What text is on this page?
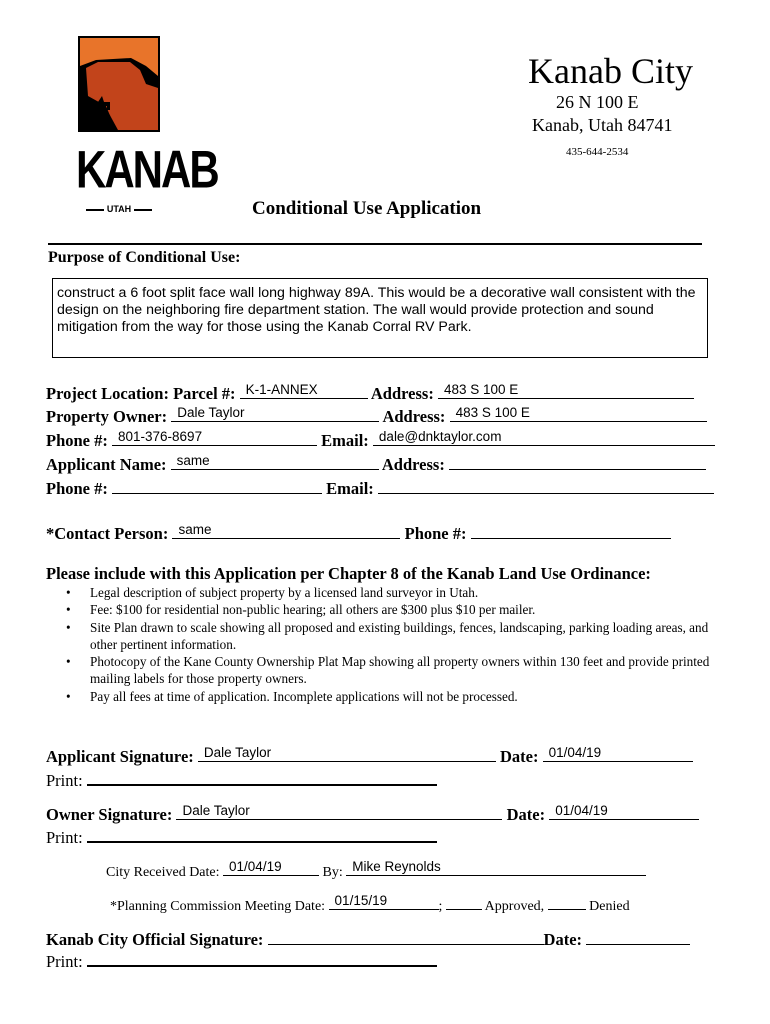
KANAB
UTAH
Kanab City
26 N 100 E
Kanab, Utah 84741
435-644-2534
Conditional Use Application
Purpose of Conditional Use:
construct a 6 foot split face wall long highway 89A. This would be a decorative wall consistent with the design on the neighboring fire department station. The wall would provide protection and sound mitigation from the way for those using the Kanab Corral RV Park.
Project Location: Parcel #: K-1-ANNEX	Address: 483 S 100 E
Property Owner: Dale Taylor	Address: 483 S 100 E
Phone #: 801-376-8697	Email: dale@dnktaylor.com
Applicant Name: same	Address:
Phone #:	Email:
*Contact Person: same	Phone #:
Please include with this Application per Chapter 8 of the Kanab Land Use Ordinance:
• Legal description of subject property by a licensed land surveyor in Utah.
• Fee: $100 for residential non-public hearing; all others are $300 plus $10 per mailer.
• Site Plan drawn to scale showing all proposed and existing buildings, fences, landscaping, parking loading areas, and other pertinent information.
• Photocopy of the Kane County Ownership Plat Map showing all property owners within 130 feet and provide printed mailing labels for those property owners.
• Pay all fees at time of application. Incomplete applications will not be processed.
Applicant Signature: Dale Taylor	Date: 01/04/19
Print:
Owner Signature: Dale Taylor	Date: 01/04/19
Print:
City Received Date: 01/04/19	By: Mike Reynolds
*Planning Commission Meeting Date: 01/15/19	;	Approved,	Denied
Kanab City Official Signature:	Date:
Print:
